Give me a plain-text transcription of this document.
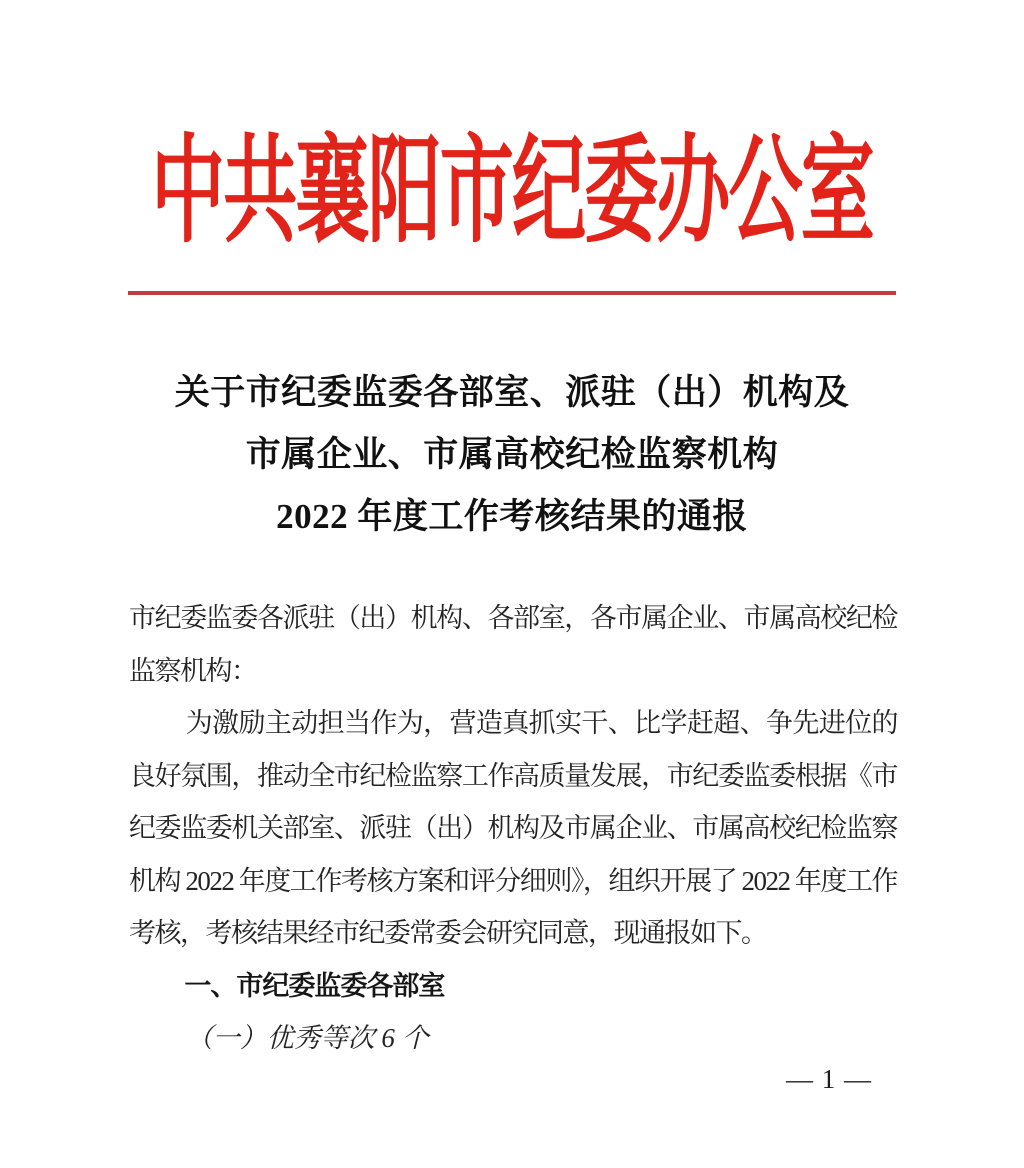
中共襄阳市纪委办公室
关于市纪委监委各部室、派驻（出）机构及
市属企业、市属高校纪检监察机构
2022 年度工作考核结果的通报

市纪委监委各派驻（出）机构、各部室，各市属企业、市属高校纪检监察机构：

为激励主动担当作为，营造真抓实干、比学赶超、争先进位的良好氛围，推动全市纪检监察工作高质量发展，市纪委监委根据《市纪委监委机关部室、派驻（出）机构及市属企业、市属高校纪检监察机构 2022 年度工作考核方案和评分细则》，组织开展了 2022 年度工作考核，考核结果经市纪委常委会研究同意，现通报如下。

一、市纪委监委各部室

（一）优秀等次 6 个

— 1 —
